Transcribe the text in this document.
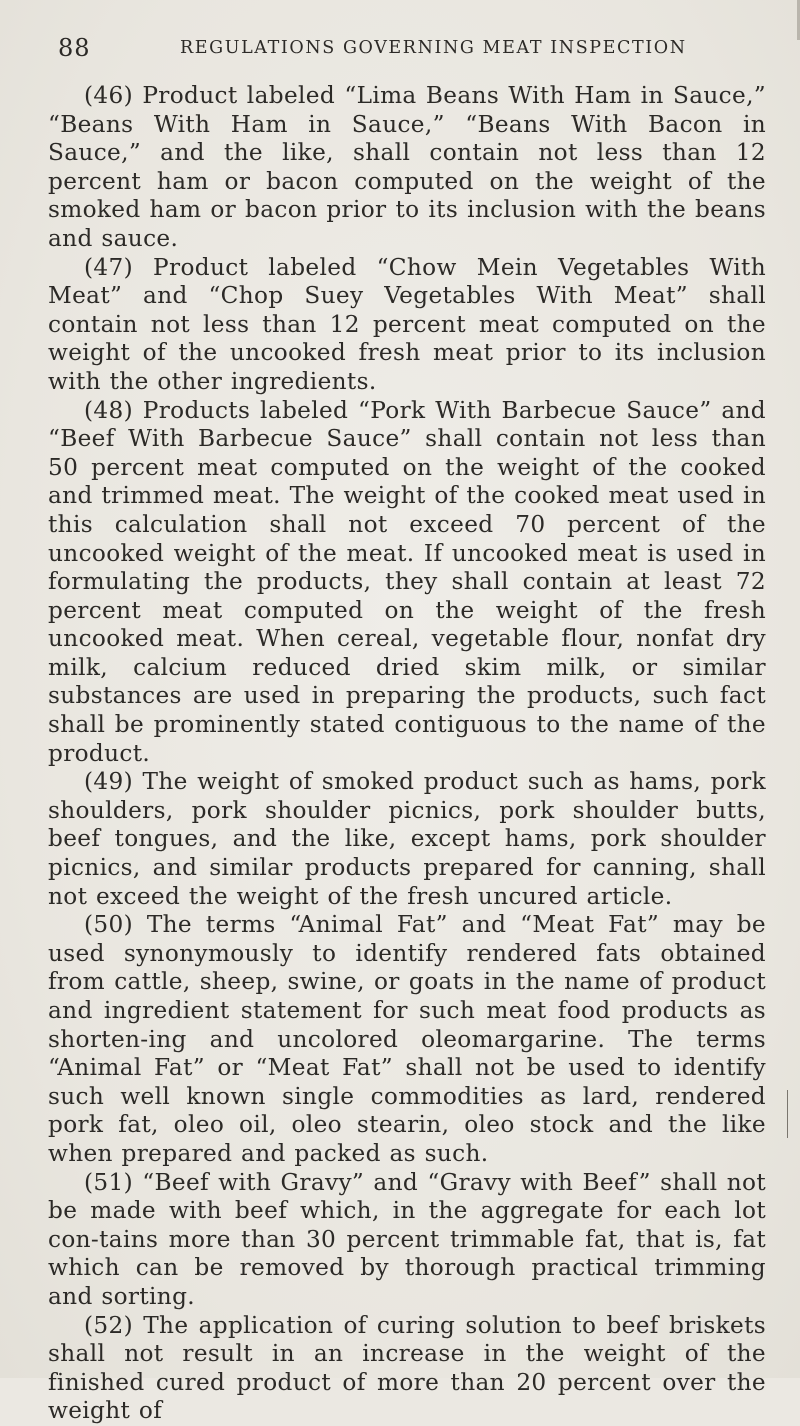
88	REGULATIONS GOVERNING MEAT INSPECTION

(46) Product labeled “Lima Beans With Ham in Sauce,” “Beans With Ham in Sauce,” “Beans With Bacon in Sauce,” and the like, shall contain not less than 12 percent ham or bacon computed on the weight of the smoked ham or bacon prior to its inclusion with the beans and sauce.

(47) Product labeled “Chow Mein Vegetables With Meat” and “Chop Suey Vegetables With Meat” shall contain not less than 12 percent meat computed on the weight of the uncooked fresh meat prior to its inclusion with the other ingredients.

(48) Products labeled “Pork With Barbecue Sauce” and “Beef With Barbecue Sauce” shall contain not less than 50 percent meat computed on the weight of the cooked and trimmed meat. The weight of the cooked meat used in this calculation shall not exceed 70 percent of the uncooked weight of the meat. If uncooked meat is used in formulating the products, they shall contain at least 72 percent meat computed on the weight of the fresh uncooked meat. When cereal, vegetable flour, nonfat dry milk, calcium reduced dried skim milk, or similar substances are used in preparing the products, such fact shall be prominently stated contiguous to the name of the product.

(49) The weight of smoked product such as hams, pork shoulders, pork shoulder picnics, pork shoulder butts, beef tongues, and the like, except hams, pork shoulder picnics, and similar products prepared for canning, shall not exceed the weight of the fresh uncured article.

(50) The terms “Animal Fat” and “Meat Fat” may be used synonymously to identify rendered fats obtained from cattle, sheep, swine, or goats in the name of product and ingredient statement for such meat food products as shorten-ing and uncolored oleomargarine. The terms “Animal Fat” or “Meat Fat” shall not be used to identify such well known single commodities as lard, rendered pork fat, oleo oil, oleo stearin, oleo stock and the like when prepared and packed as such.

(51) “Beef with Gravy” and “Gravy with Beef” shall not be made with beef which, in the aggregate for each lot con-tains more than 30 percent trimmable fat, that is, fat which can be removed by thorough practical trimming and sorting.

(52) The application of curing solution to beef briskets shall not result in an increase in the weight of the finished cured product of more than 20 percent over the weight of
